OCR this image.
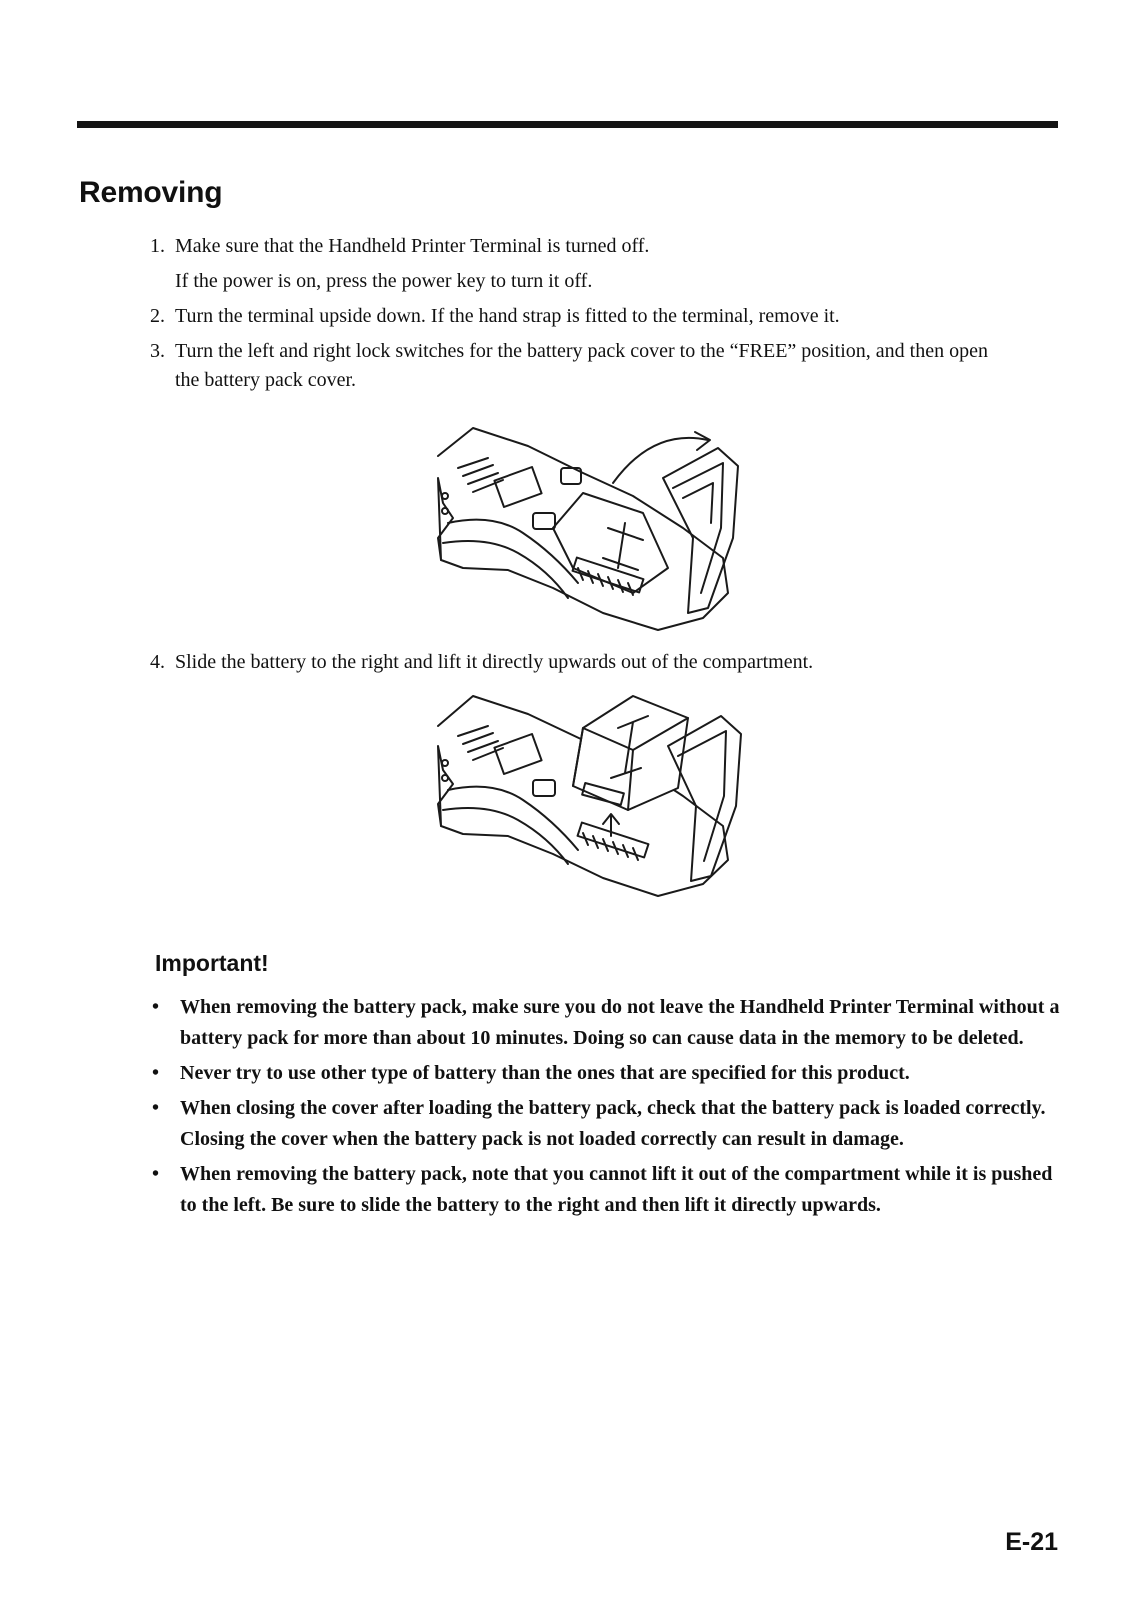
Removing
1. Make sure that the Handheld Printer Terminal is turned off.
If the power is on, press the power key to turn it off.
2. Turn the terminal upside down. If the hand strap is fitted to the terminal, remove it.
3. Turn the left and right lock switches for the battery pack cover to the “FREE” position, and then open the battery pack cover.
4. Slide the battery to the right and lift it directly upwards out of the compartment.
Important!
•	When removing the battery pack, make sure you do not leave the Handheld Printer Terminal without a battery pack for more than about 10 minutes. Doing so can cause data in the memory to be deleted.
•	Never try to use other type of battery than the ones that are specified for this product.
•	When closing the cover after loading the battery pack, check that the battery pack is loaded correctly. Closing the cover when the battery pack is not loaded correctly can result in damage.
•	When removing the battery pack, note that you cannot lift it out of the compartment while it is pushed to the left. Be sure to slide the battery to the right and then lift it directly upwards.
E-21
